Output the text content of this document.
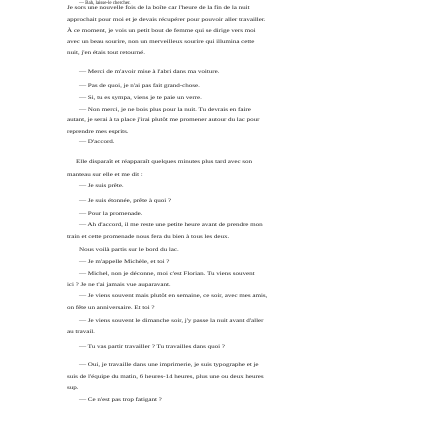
— Bah, laisse-le chercher.
Je sors une nouvelle fois de la boîte car l'heure de la fin de la nuit
approchait pour moi et je devais récupérer pour pouvoir aller travailler.
À ce moment, je vois un petit bout de femme qui se dirige vers moi
avec un beau sourire, non un merveilleux sourire qui illumina cette
nuit, j'en étais tout retourné.
— Merci de m'avoir mise à l'abri dans ma voiture.
— Pas de quoi, je n'ai pas fait grand-chose.
— Si, tu es sympa, viens je te paie un verre.
— Non merci, je ne bois plus pour la nuit. Tu devrais en faire
autant, je serai à ta place j'irai plutôt me promener autour du lac pour
reprendre mes esprits.
— D'accord.
Elle disparaît et réapparaît quelques minutes plus tard avec son
manteau sur elle et me dit :
— Je suis prête.
— Je suis étonnée, prête à quoi ?
— Pour la promenade.
— Ah d'accord, il me reste une petite heure avant de prendre mon
train et cette promenade nous fera du bien à tous les deux.
Nous voilà partis sur le bord du lac.
— Je m'appelle Michèle, et toi ?
— Michel, non je déconne, moi c'est Florian. Tu viens souvent
ici ? Je ne t'ai jamais vue auparavant.
— Je viens souvent mais plutôt en semaine, ce soir, avec mes amis,
on fête un anniversaire. Et toi ?
— Je viens souvent le dimanche soir, j'y passe la nuit avant d'aller
au travail.
— Tu vas partir travailler ? Tu travailles dans quoi ?
— Oui, je travaille dans une imprimerie, je suis typographe et je
suis de l'équipe du matin, 6 heures-14 heures, plus une ou deux heures
sup.
— Ce n'est pas trop fatigant ?
